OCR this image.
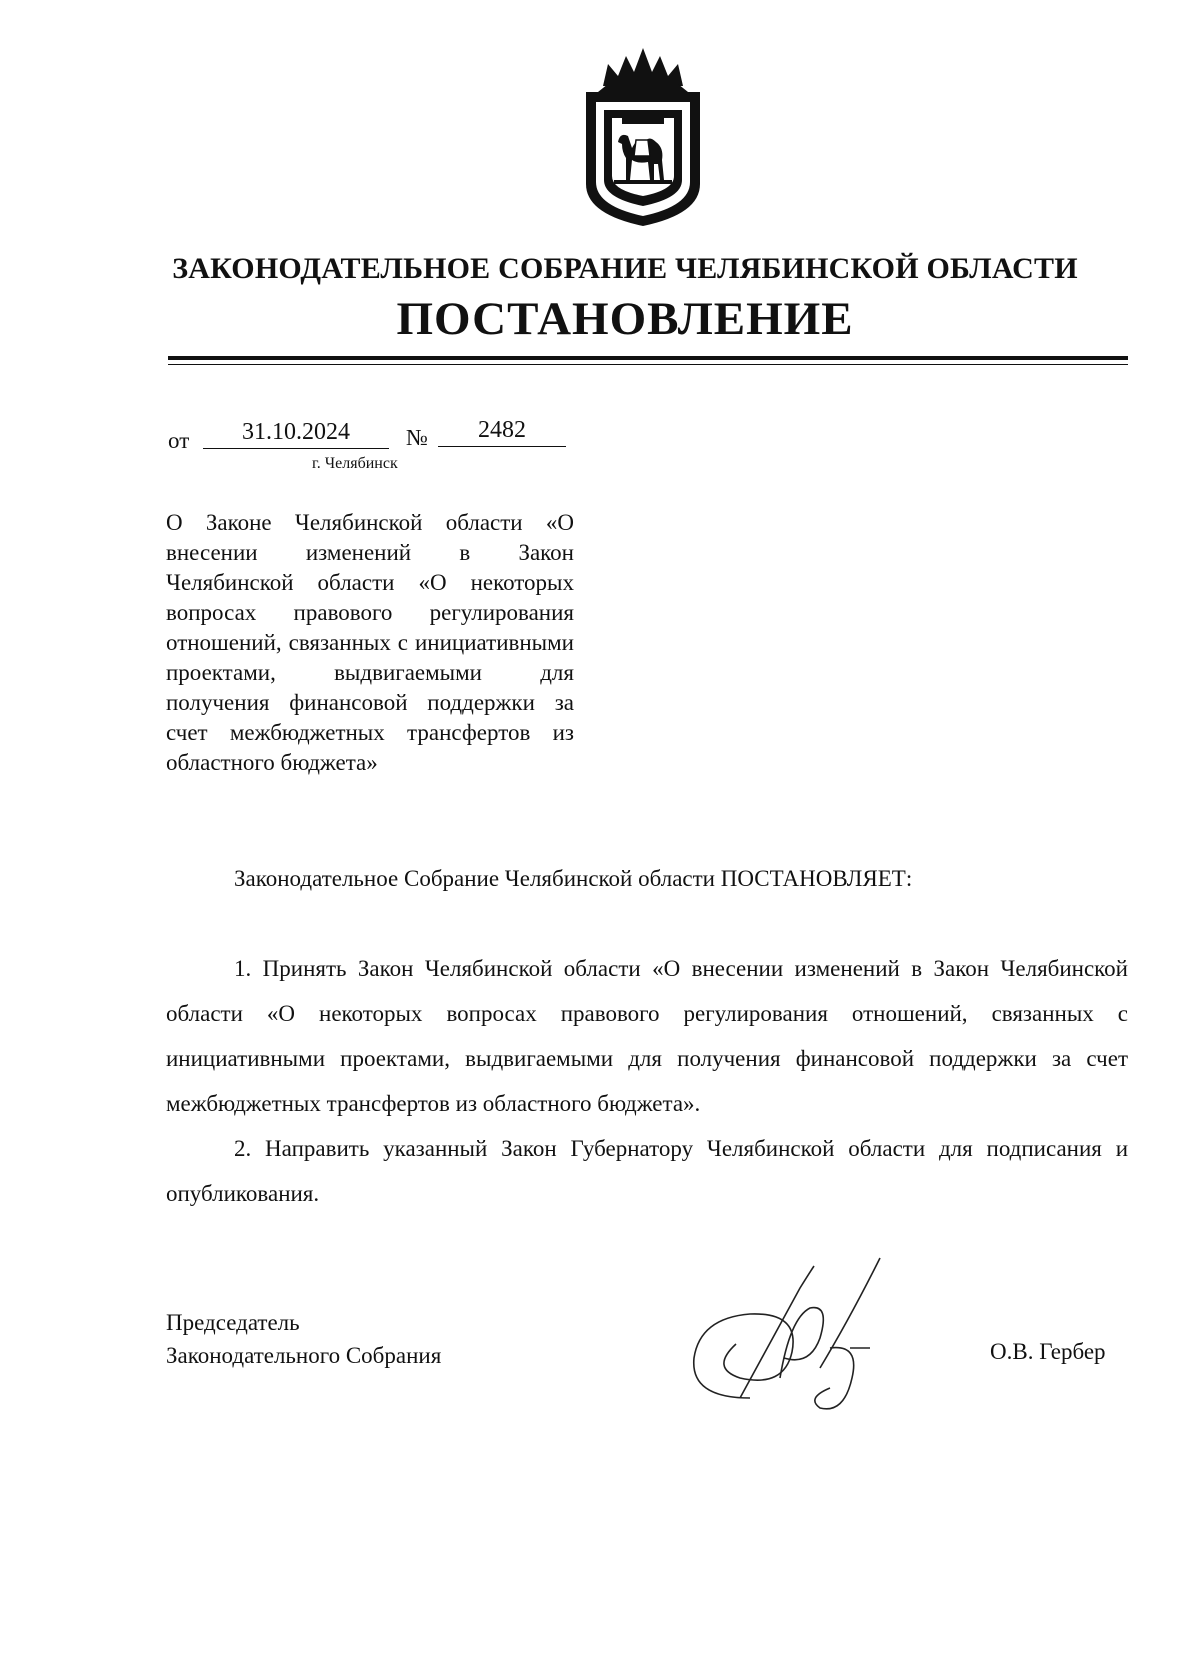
ЗАКОНОДАТЕЛЬНОЕ СОБРАНИЕ ЧЕЛЯБИНСКОЙ ОБЛАСТИ
ПОСТАНОВЛЕНИЕ
от	31.10.2024	№	2482
г. Челябинск
О Законе Челябинской области «О внесении изменений в Закон Челябинской области «О некоторых вопросах правового регулирования отношений, связанных с инициативными проектами, выдвигаемыми для получения финансовой поддержки за счет межбюджетных трансфертов из областного бюджета»
Законодательное Собрание Челябинской области ПОСТАНОВЛЯЕТ:
1. Принять Закон Челябинской области «О внесении изменений в Закон Челябинской области «О некоторых вопросах правового регулирования отношений, связанных с инициативными проектами, выдвигаемыми для получения финансовой поддержки за счет межбюджетных трансфертов из областного бюджета».
2. Направить указанный Закон Губернатору Челябинской области для подписания и опубликования.
Председатель
Законодательного Собрания	О.В. Гербер
